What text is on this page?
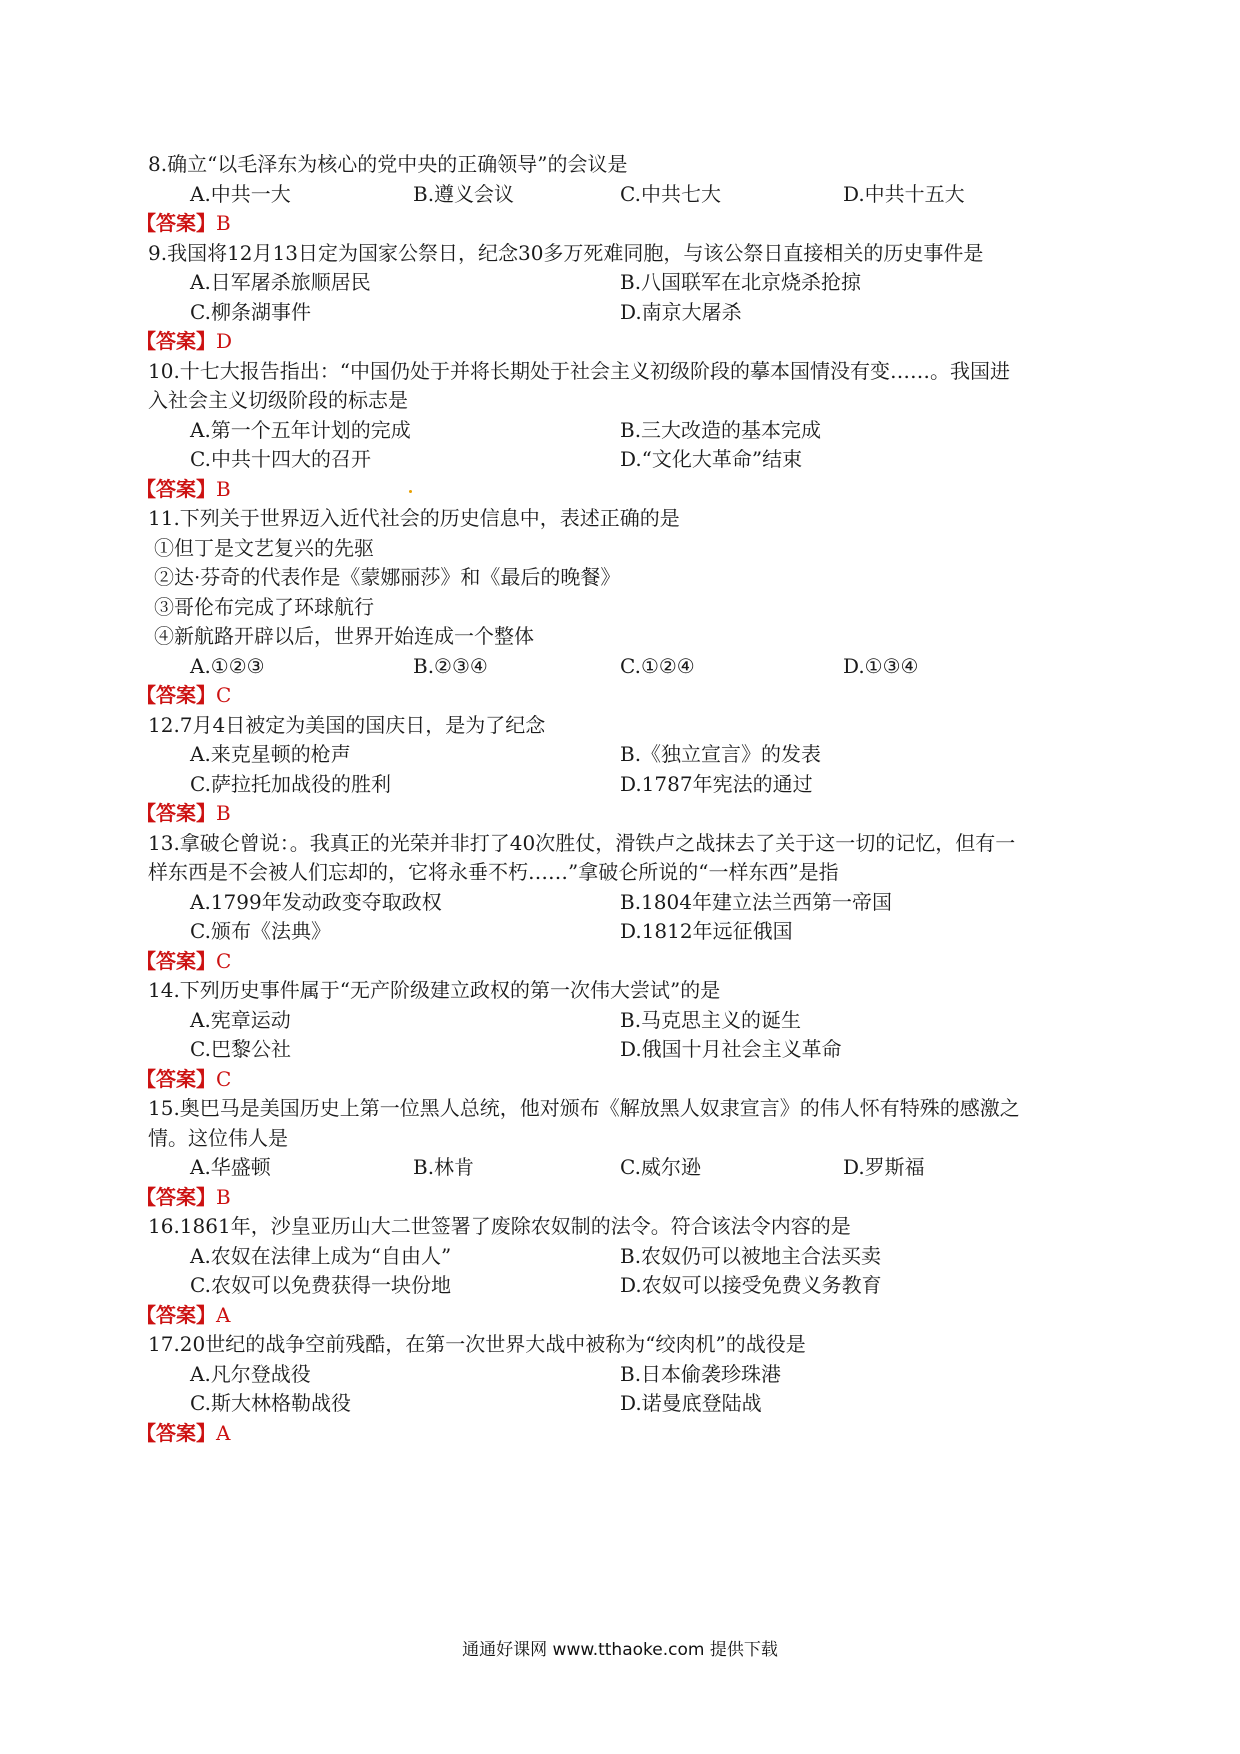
8.确立“以毛泽东为核心的党中央的正确领导”的会议是
A.中共一大	B.遵义会议	C.中共七大	D.中共十五大
【答案】B
9.我国将12月13日定为国家公祭日，纪念30多万死难同胞，与该公祭日直接相关的历史事件是
A.日军屠杀旅顺居民	B.八国联军在北京烧杀抢掠
C.柳条湖事件	D.南京大屠杀
【答案】D
10.十七大报告指出：“中国仍处于并将长期处于社会主义初级阶段的摹本国情没有变……。我国进
入社会主义切级阶段的标志是
A.第一个五年计划的完成	B.三大改造的基本完成
C.中共十四大的召开	D.“文化大革命”结束
【答案】B
11.下列关于世界迈入近代社会的历史信息中，表述正确的是
①但丁是文艺复兴的先驱
②达·芬奇的代表作是《蒙娜丽莎》和《最后的晚餐》
③哥伦布完成了环球航行
④新航路开辟以后，世界开始连成一个整体
A.①②③	B.②③④	C.①②④	D.①③④
【答案】C
12.7月4日被定为美国的国庆日，是为了纪念
A.来克星顿的枪声	B.《独立宣言》的发表
C.萨拉托加战役的胜利	D.1787年宪法的通过
【答案】B
13.拿破仑曾说：。我真正的光荣并非打了40次胜仗，滑铁卢之战抹去了关于这一切的记忆，但有一
样东西是不会被人们忘却的，它将永垂不朽……”拿破仑所说的“一样东西”是指
A.1799年发动政变夺取政权	B.1804年建立法兰西第一帝国
C.颁布《法典》	D.1812年远征俄国
【答案】C
14.下列历史事件属于“无产阶级建立政权的第一次伟大尝试”的是
A.宪章运动	B.马克思主义的诞生
C.巴黎公社	D.俄国十月社会主义革命
【答案】C
15.奥巴马是美国历史上第一位黑人总统，他对颁布《解放黑人奴隶宣言》的伟人怀有特殊的感激之
情。这位伟人是
A.华盛顿	B.林肯	C.威尔逊	D.罗斯福
【答案】B
16.1861年，沙皇亚历山大二世签署了废除农奴制的法令。符合该法令内容的是
A.农奴在法律上成为“自由人”	B.农奴仍可以被地主合法买卖
C.农奴可以免费获得一块份地	D.农奴可以接受免费义务教育
【答案】A
17.20世纪的战争空前残酷，在第一次世界大战中被称为“绞肉机”的战役是
A.凡尔登战役	B.日本偷袭珍珠港
C.斯大林格勒战役	D.诺曼底登陆战
【答案】A
通通好课网 www.tthaoke.com 提供下载
